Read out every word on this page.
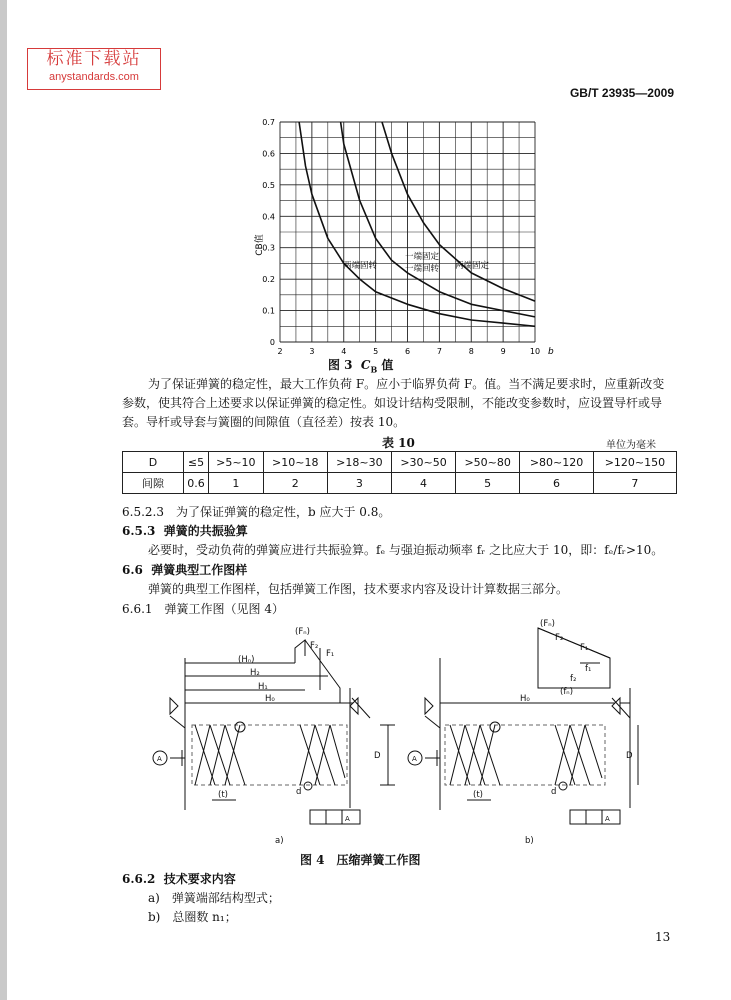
标准下载站
anystandards.com
GB/T 23935—2009
2	3	4	5	6	7	8	9	10
0
0.1
0.2
0.3
0.4
0.5
0.6
0.7
CB值
b
两端固转
一端固定
一端回转 两端固定
图 3 $C_B$ 值
为了保证弹簧的稳定性，最大工作负荷 F。应小于临界负荷 F。值。当不满足要求时，应重新改变
参数，使其符合上述要求以保证弹簧的稳定性。如设计结构受限制，不能改变参数时，应设置导杆或导
套。导杆或导套与簧圈的间隙值（直径差）按表 10。
表 10	单位为毫米
D	≤5	>5~10	>10~18	>18~30	>30~50	>50~80	>80~120	>120~150
间隙	0.6	1	2	3	4	5	6	7
6.5.2.3　为了保证弹簧的稳定性，b 应大于 0.8。
6.5.3 弹簧的共振验算
必要时，受动负荷的弹簧应进行共振验算。fₑ 与强迫振动频率 fᵣ 之比应大于 10，即：fₑ/fᵣ>10。
6.6 弹簧典型工作图样
弹簧的典型工作图样，包括弹簧工作图，技术要求内容及设计计算数据三部分。
6.6.1　弹簧工作图（见图 4）
(Fₙ)
F₂
F₁
(Hₙ)
H₂
H₁
H₀
D
d
(t)
A
A
(Fₙ)
F₂
F₁
f₁
f₂
(fₙ)
H₀
D
d
(t)
A
A
a)	b)
图 4　压缩弹簧工作图
6.6.2 技术要求内容
a)　弹簧端部结构型式；
b)　总圈数 n₁；
13
